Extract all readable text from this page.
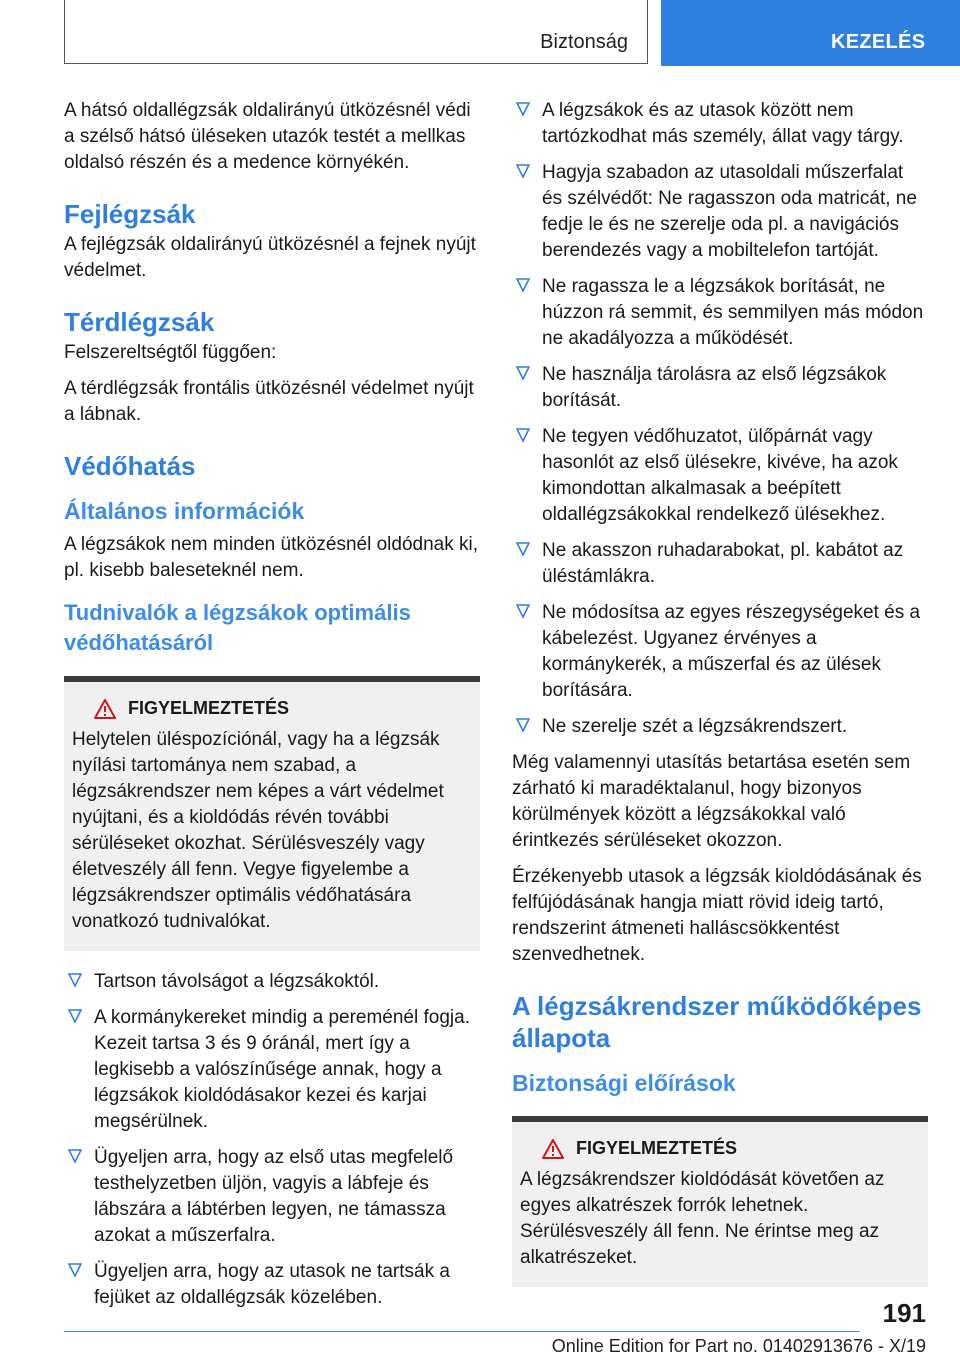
Biztonság	KEZELÉS

A hátsó oldallégzsák oldalirányú ütközésnél védi a szélső hátsó üléseken utazók testét a mellkas oldalsó részén és a medence környékén.

Fejlégzsák

A fejlégzsák oldalirányú ütközésnél a fejnek nyújt védelmet.

Térdlégzsák

Felszereltségtől függően:

A térdlégzsák frontális ütközésnél védelmet nyújt a lábnak.

Védőhatás
Általános információk

A légzsákok nem minden ütközésnél oldódnak ki, pl. kisebb baleseteknél nem.

Tudnivalók a légzsákok optimális védőhatásáról
FIGYELMEZTETÉS

Helytelen üléspozíciónál, vagy ha a légzsák nyílási tartománya nem szabad, a légzsákrendszer nem képes a várt védelmet nyújtani, és a kioldódás révén további sérüléseket okozhat. Sérülésveszély vagy életveszély áll fenn. Vegye figyelembe a légzsákrendszer optimális védőhatására vonatkozó tudnivalókat.

Tartson távolságot a légzsákoktól.
A kormánykereket mindig a pereménél fogja. Kezeit tartsa 3 és 9 óránál, mert így a legkisebb a valószínűsége annak, hogy a légzsákok kioldódásakor kezei és karjai megsérülnek.
Ügyeljen arra, hogy az első utas megfelelő testhelyzetben üljön, vagyis a lábfeje és lábszára a lábtérben legyen, ne támassza azokat a műszerfalra.
Ügyeljen arra, hogy az utasok ne tartsák a fejüket az oldallégzsák közelében.
A légzsákok és az utasok között nem tartózkodhat más személy, állat vagy tárgy.
Hagyja szabadon az utasoldali műszerfalat és szélvédőt: Ne ragasszon oda matricát, ne fedje le és ne szerelje oda pl. a navigációs berendezés vagy a mobiltelefon tartóját.
Ne ragassza le a légzsákok borítását, ne húzzon rá semmit, és semmilyen más módon ne akadályozza a működését.
Ne használja tárolásra az első légzsákok borítását.
Ne tegyen védőhuzatot, ülőpárnát vagy hasonlót az első ülésekre, kivéve, ha azok kimondottan alkalmasak a beépített oldallégzsákokkal rendelkező ülésekhez.
Ne akasszon ruhadarabokat, pl. kabátot az üléstámlákra.
Ne módosítsa az egyes részegységeket és a kábelezést. Ugyanez érvényes a kormánykerék, a műszerfal és az ülések borítására.
Ne szerelje szét a légzsákrendszert.

Még valamennyi utasítás betartása esetén sem zárható ki maradéktalanul, hogy bizonyos körülmények között a légzsákokkal való érintkezés sérüléseket okozzon.

Érzékenyebb utasok a légzsák kioldódásának és felfújódásának hangja miatt rövid ideig tartó, rendszerint átmeneti halláscsökkentést szenvedhetnek.

A légzsákrendszer működőképes állapota
Biztonsági előírások
FIGYELMEZTETÉS

A légzsákrendszer kioldódását követően az egyes alkatrészek forrók lehetnek. Sérülésveszély áll fenn. Ne érintse meg az alkatrészeket.

191
Online Edition for Part no. 01402913676 - X/19
